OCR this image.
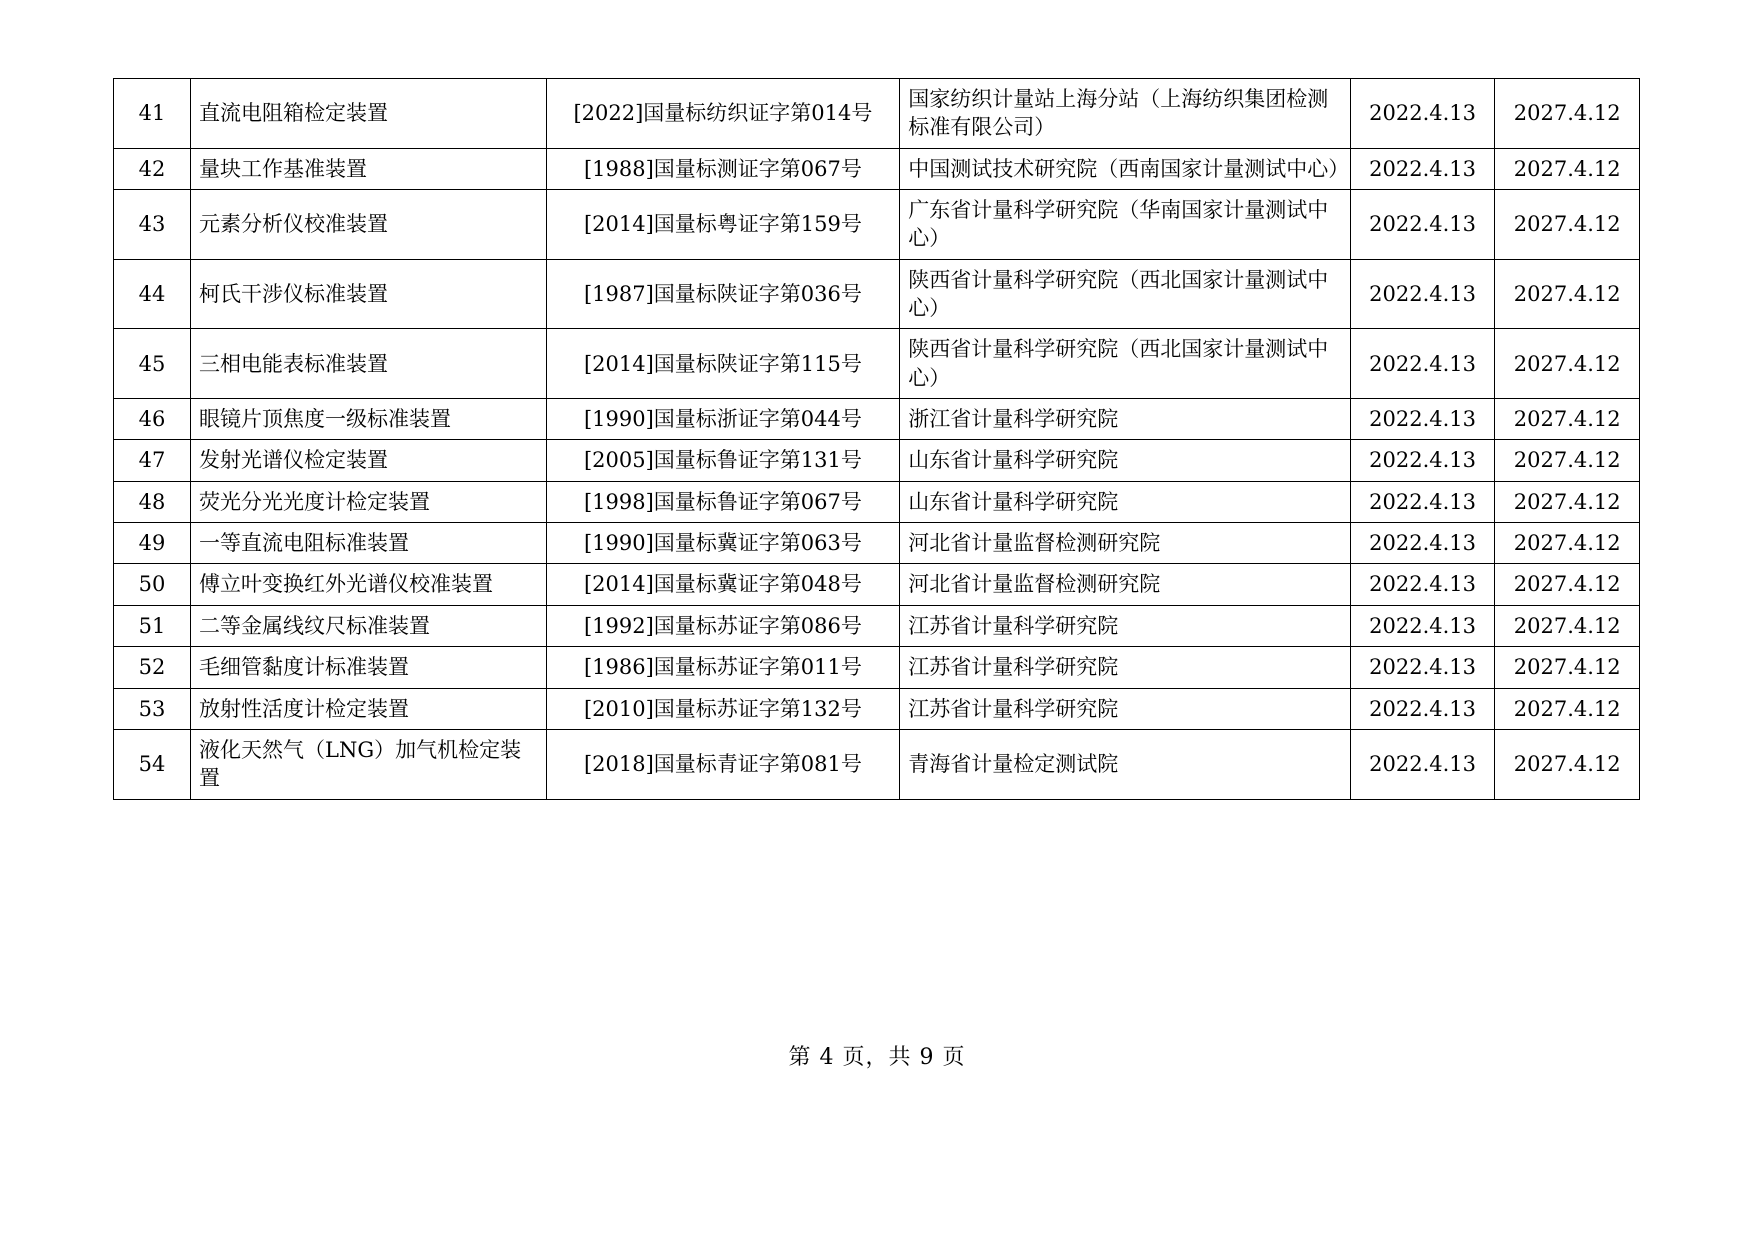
41	直流电阻箱检定装置	[2022]国量标纺织证字第014号	国家纺织计量站上海分站（上海纺织集团检测标准有限公司）	2022.4.13	2027.4.12
42	量块工作基准装置	[1988]国量标测证字第067号	中国测试技术研究院（西南国家计量测试中心）	2022.4.13	2027.4.12
43	元素分析仪校准装置	[2014]国量标粤证字第159号	广东省计量科学研究院（华南国家计量测试中心）	2022.4.13	2027.4.12
44	柯氏干涉仪标准装置	[1987]国量标陕证字第036号	陕西省计量科学研究院（西北国家计量测试中心）	2022.4.13	2027.4.12
45	三相电能表标准装置	[2014]国量标陕证字第115号	陕西省计量科学研究院（西北国家计量测试中心）	2022.4.13	2027.4.12
46	眼镜片顶焦度一级标准装置	[1990]国量标浙证字第044号	浙江省计量科学研究院	2022.4.13	2027.4.12
47	发射光谱仪检定装置	[2005]国量标鲁证字第131号	山东省计量科学研究院	2022.4.13	2027.4.12
48	荧光分光光度计检定装置	[1998]国量标鲁证字第067号	山东省计量科学研究院	2022.4.13	2027.4.12
49	一等直流电阻标准装置	[1990]国量标冀证字第063号	河北省计量监督检测研究院	2022.4.13	2027.4.12
50	傅立叶变换红外光谱仪校准装置	[2014]国量标冀证字第048号	河北省计量监督检测研究院	2022.4.13	2027.4.12
51	二等金属线纹尺标准装置	[1992]国量标苏证字第086号	江苏省计量科学研究院	2022.4.13	2027.4.12
52	毛细管黏度计标准装置	[1986]国量标苏证字第011号	江苏省计量科学研究院	2022.4.13	2027.4.12
53	放射性活度计检定装置	[2010]国量标苏证字第132号	江苏省计量科学研究院	2022.4.13	2027.4.12
54	液化天然气（LNG）加气机检定装置	[2018]国量标青证字第081号	青海省计量检定测试院	2022.4.13	2027.4.12
第 4 页，共 9 页
